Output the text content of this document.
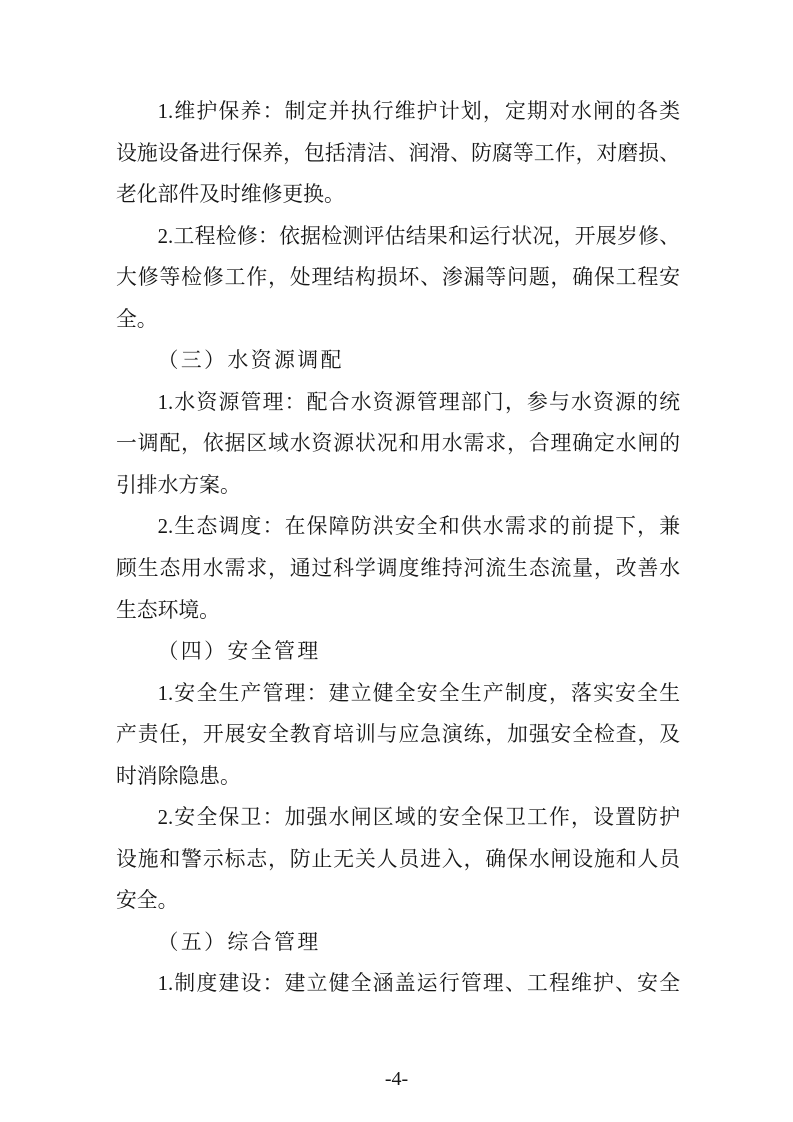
1.维护保养：制定并执行维护计划，定期对水闸的各类
设施设备进行保养，包括清洁、润滑、防腐等工作，对磨损、
老化部件及时维修更换。
2.工程检修：依据检测评估结果和运行状况，开展岁修、
大修等检修工作，处理结构损坏、渗漏等问题，确保工程安
全。
（三）水资源调配
1.水资源管理：配合水资源管理部门，参与水资源的统
一调配，依据区域水资源状况和用水需求，合理确定水闸的
引排水方案。
2.生态调度：在保障防洪安全和供水需求的前提下，兼
顾生态用水需求，通过科学调度维持河流生态流量，改善水
生态环境。
（四）安全管理
1.安全生产管理：建立健全安全生产制度，落实安全生
产责任，开展安全教育培训与应急演练，加强安全检查，及
时消除隐患。
2.安全保卫：加强水闸区域的安全保卫工作，设置防护
设施和警示标志，防止无关人员进入，确保水闸设施和人员
安全。
（五）综合管理
1.制度建设：建立健全涵盖运行管理、工程维护、安全
-4-
